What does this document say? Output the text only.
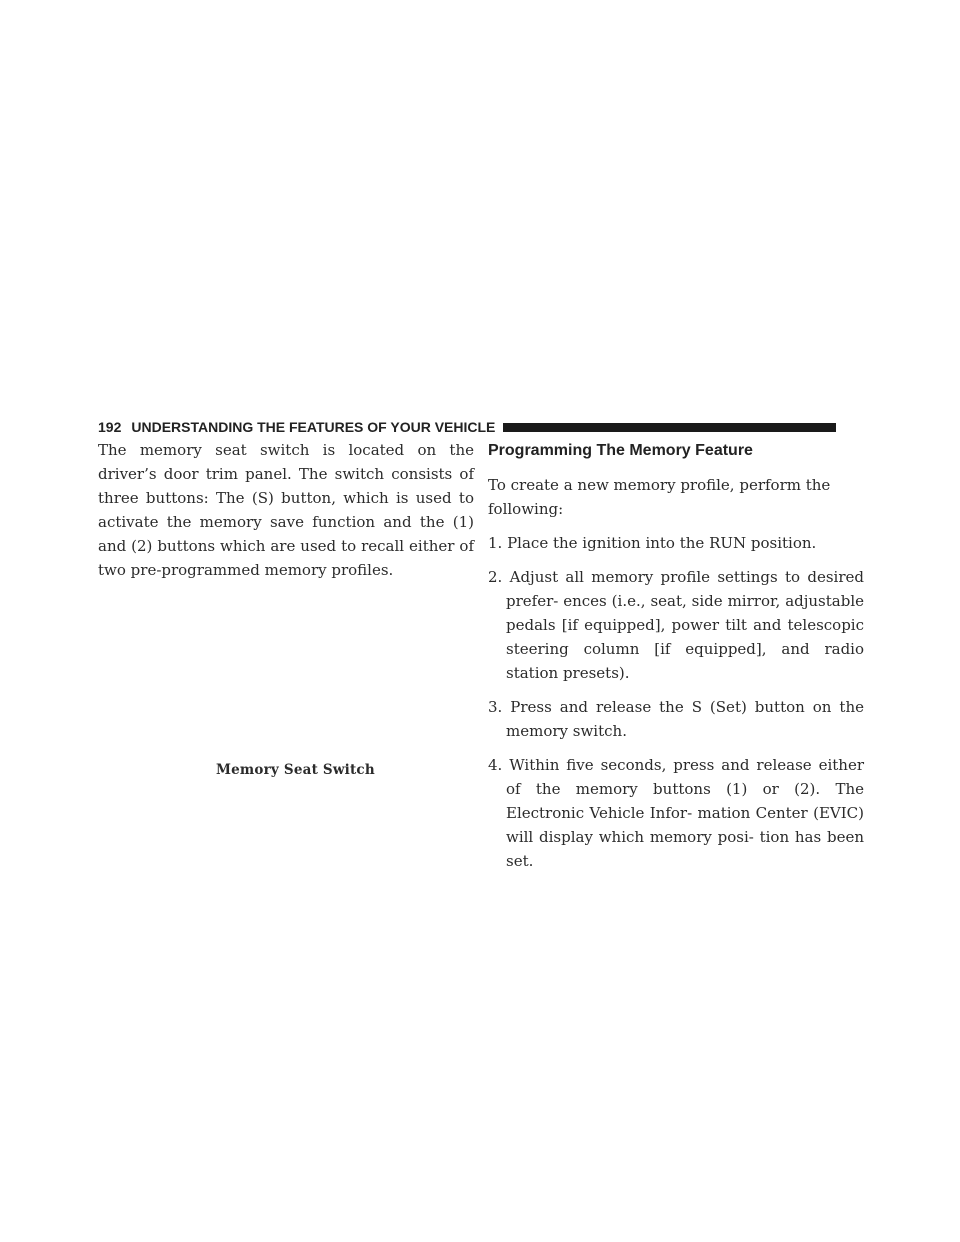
192 UNDERSTANDING THE FEATURES OF YOUR VEHICLE

The memory seat switch is located on the driver’s door trim panel. The switch consists of three buttons: The (S) button, which is used to activate the memory save function and the (1) and (2) buttons which are used to recall either of two pre-programmed memory profiles.

Memory Seat Switch
Programming The Memory Feature

To create a new memory profile, perform the following:

1. Place the ignition into the RUN position.
2. Adjust all memory profile settings to desired prefer- ences (i.e., seat, side mirror, adjustable pedals [if equipped], power tilt and telescopic steering column [if equipped], and radio station presets).
3. Press and release the S (Set) button on the memory switch.
4. Within five seconds, press and release either of the memory buttons (1) or (2). The Electronic Vehicle Infor- mation Center (EVIC) will display which memory posi- tion has been set.
